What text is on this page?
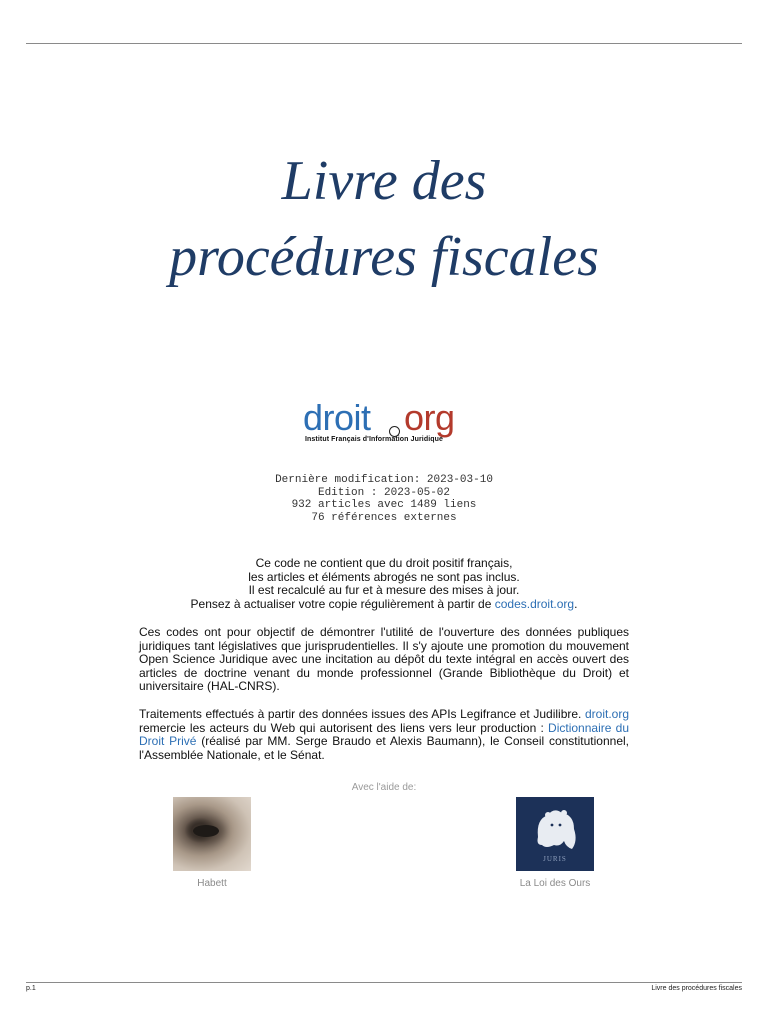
Livre des
procédures fiscales
droit org
Institut Français d'Information Juridique
Dernière modification: 2023-03-10
Edition : 2023-05-02
932 articles avec 1489 liens
76 références externes
Ce code ne contient que du droit positif français,
les articles et éléments abrogés ne sont pas inclus.
Il est recalculé au fur et à mesure des mises à jour.
Pensez à actualiser votre copie régulièrement à partir de codes.droit.org.

Ces codes ont pour objectif de démontrer l'utilité de l'ouverture des données publiques juridiques tant législatives que jurisprudentielles. Il s'y ajoute une promotion du mouvement Open Science Juridique avec une incitation au dépôt du texte intégral en accès ouvert des articles de doctrine venant du monde professionnel (Grande Bibliothèque du Droit) et universitaire (HAL-CNRS).

Traitements effectués à partir des données issues des APIs Legifrance et Judilibre. droit.org remercie les acteurs du Web qui autorisent des liens vers leur production : Dictionnaire du Droit Privé (réalisé par MM. Serge Braudo et Alexis Baumann), le Conseil constitutionnel, l'Assemblée Nationale, et le Sénat.

Avec l'aide de:
Habett
JURIS
La Loi des Ours
p.1	Livre des procédures fiscales
